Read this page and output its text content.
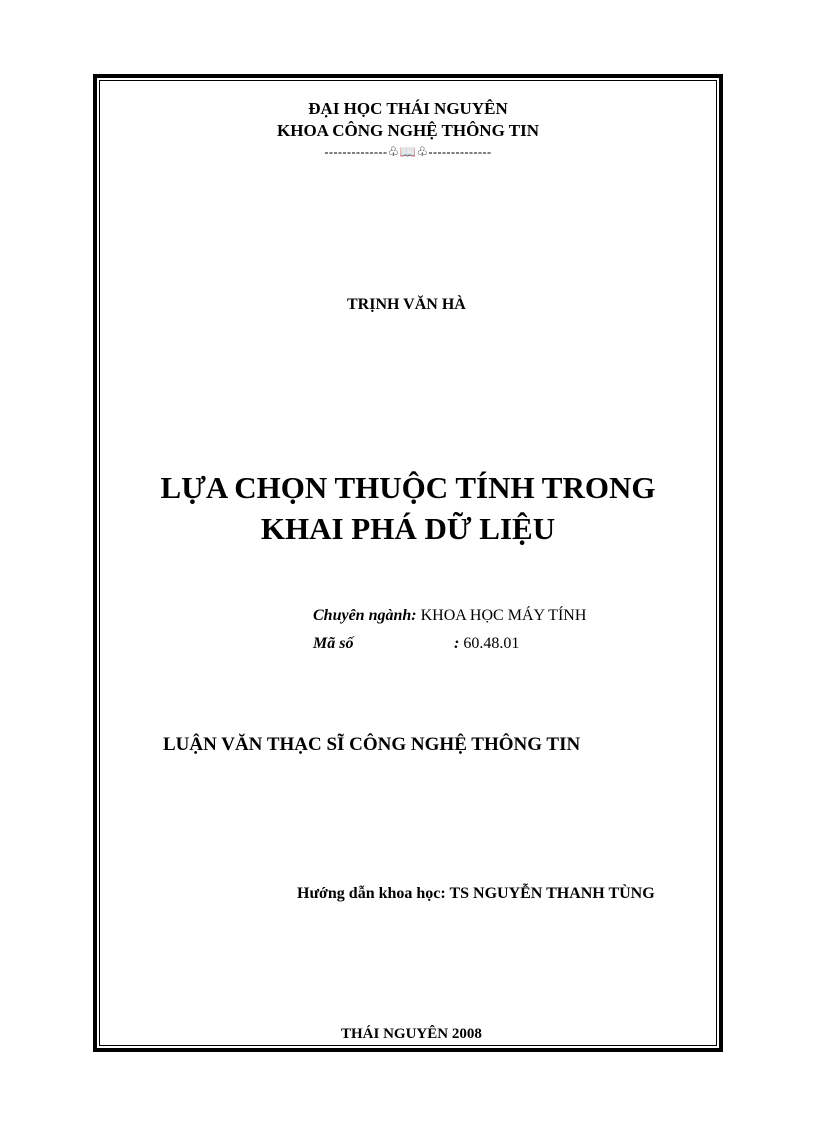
ĐẠI HỌC THÁI NGUYÊN
KHOA CÔNG NGHỆ THÔNG TIN
--------------♧📖♧--------------
TRỊNH VĂN HÀ
LỰA CHỌN THUỘC TÍNH TRONG
KHAI PHÁ DỮ LIỆU
Chuyên ngành: KHOA HỌC MÁY TÍNH
Mã số	: 60.48.01
LUẬN VĂN THẠC SĨ CÔNG NGHỆ THÔNG TIN
Hướng dẫn khoa học: TS NGUYỄN THANH TÙNG
THÁI NGUYÊN 2008
